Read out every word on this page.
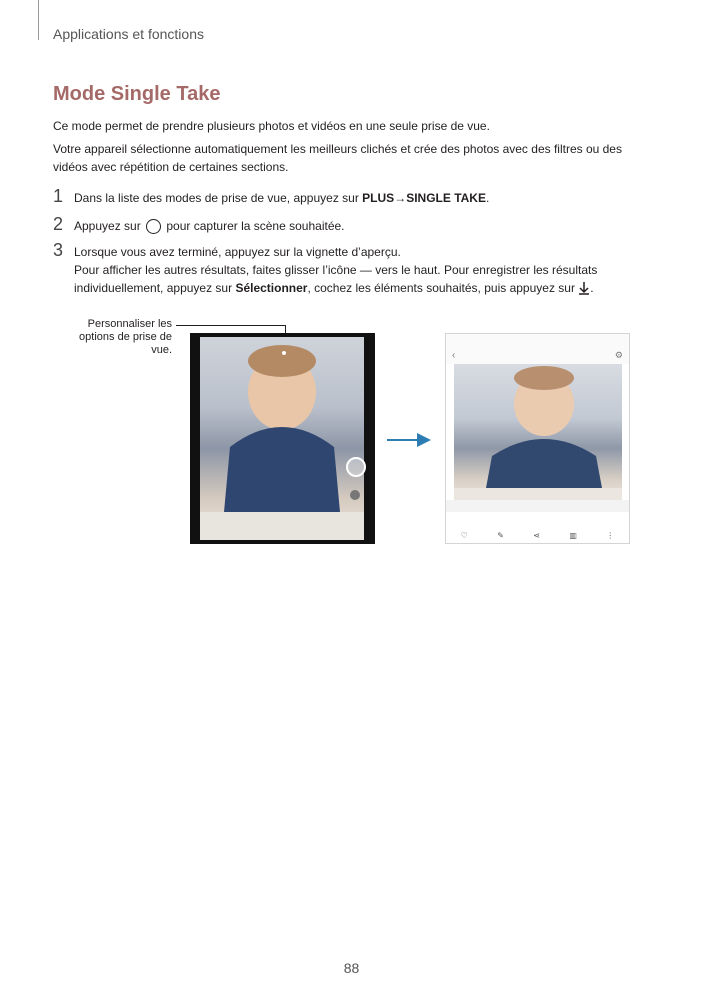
Applications et fonctions
Mode Single Take
Ce mode permet de prendre plusieurs photos et vidéos en une seule prise de vue.
Votre appareil sélectionne automatiquement les meilleurs clichés et crée des photos avec des filtres ou des vidéos avec répétition de certaines sections.
1 Dans la liste des modes de prise de vue, appuyez sur PLUS→SINGLE TAKE.
2 Appuyez sur  pour capturer la scène souhaitée.
3 Lorsque vous avez terminé, appuyez sur la vignette d’aperçu.
Pour afficher les autres résultats, faites glisser l’icône — vers le haut. Pour enregistrer les résultats individuellement, appuyez sur Sélectionner, cochez les éléments souhaités, puis appuyez sur .
Personnaliser les options de prise de vue.	‹	⚙
♡	✎	⋖	▥	⋮
88
